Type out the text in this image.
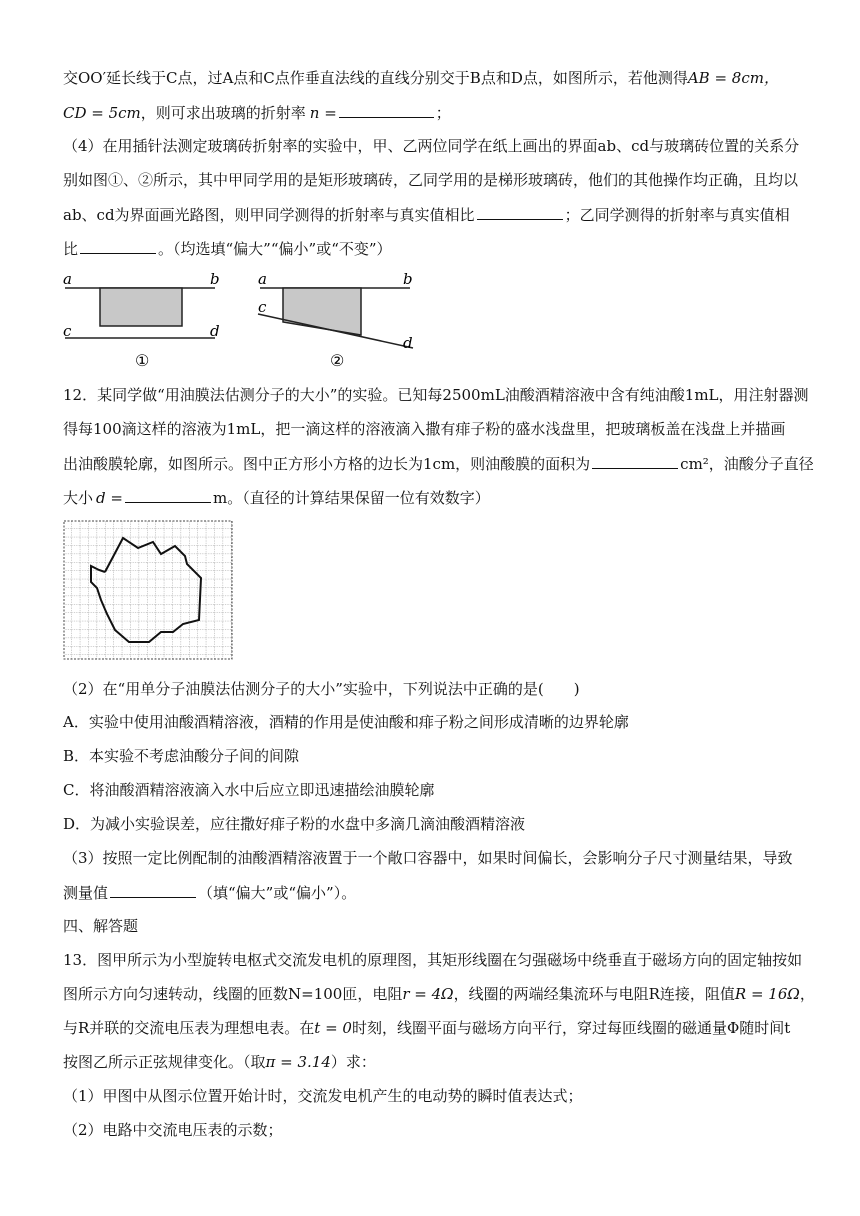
交OO′延长线于C点，过A点和C点作垂直法线的直线分别交于B点和D点，如图所示，若他测得AB = 8cm，
CD = 5cm，则可求出玻璃的折射率 n =	；
（4）在用插针法测定玻璃砖折射率的实验中，甲、乙两位同学在纸上画出的界面ab、cd与玻璃砖位置的关系分
别如图①、②所示，其中甲同学用的是矩形玻璃砖，乙同学用的是梯形玻璃砖，他们的其他操作均正确，且均以
ab、cd为界面画光路图，则甲同学测得的折射率与真实值相比	；乙同学测得的折射率与真实值相
比	。（均选填“偏大”“偏小”或“不变”）
a	b
c	d
①
a	b
c
d
②
12．某同学做“用油膜法估测分子的大小”的实验。已知每2500mL油酸酒精溶液中含有纯油酸1mL，用注射器测
得每100滴这样的溶液为1mL，把一滴这样的溶液滴入撒有痱子粉的盛水浅盘里，把玻璃板盖在浅盘上并描画
出油酸膜轮廓，如图所示。图中正方形小方格的边长为1cm，则油酸膜的面积为	cm²，油酸分子直径
大小 d =	m。（直径的计算结果保留一位有效数字）
（2）在“用单分子油膜法估测分子的大小”实验中，下列说法中正确的是(　　)
A．实验中使用油酸酒精溶液，酒精的作用是使油酸和痱子粉之间形成清晰的边界轮廓
B．本实验不考虑油酸分子间的间隙
C．将油酸酒精溶液滴入水中后应立即迅速描绘油膜轮廓
D．为减小实验误差，应往撒好痱子粉的水盘中多滴几滴油酸酒精溶液
（3）按照一定比例配制的油酸酒精溶液置于一个敞口容器中，如果时间偏长，会影响分子尺寸测量结果，导致
测量值	（填“偏大”或“偏小”）。
四、解答题
13．图甲所示为小型旋转电枢式交流发电机的原理图，其矩形线圈在匀强磁场中绕垂直于磁场方向的固定轴按如
图所示方向匀速转动，线圈的匝数N=100匝，电阻r = 4Ω，线圈的两端经集流环与电阻R连接，阻值R = 16Ω，
与R并联的交流电压表为理想电表。在t = 0时刻，线圈平面与磁场方向平行，穿过每匝线圈的磁通量Φ随时间t
按图乙所示正弦规律变化。（取π = 3.14）求：
（1）甲图中从图示位置开始计时，交流发电机产生的电动势的瞬时值表达式；
（2）电路中交流电压表的示数；
